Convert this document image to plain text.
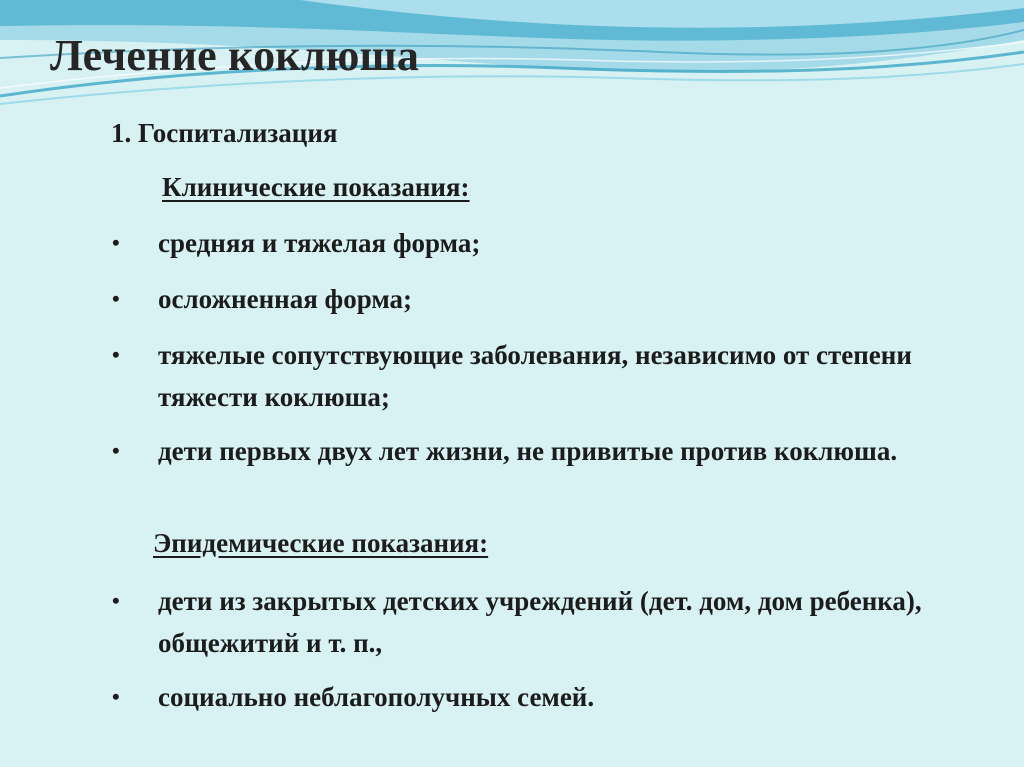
Лечение коклюша
1. Госпитализация
Клинические показания:
• средняя и тяжелая форма;
• осложненная форма;
• тяжелые сопутствующие заболевания, независимо от степени тяжести коклюша;
• дети первых двух лет жизни, не привитые против коклюша.
Эпидемические показания:
• дети из закрытых детских учреждений (дет. дом, дом ребенка), общежитий и т. п.,
• социально неблагополучных семей.
